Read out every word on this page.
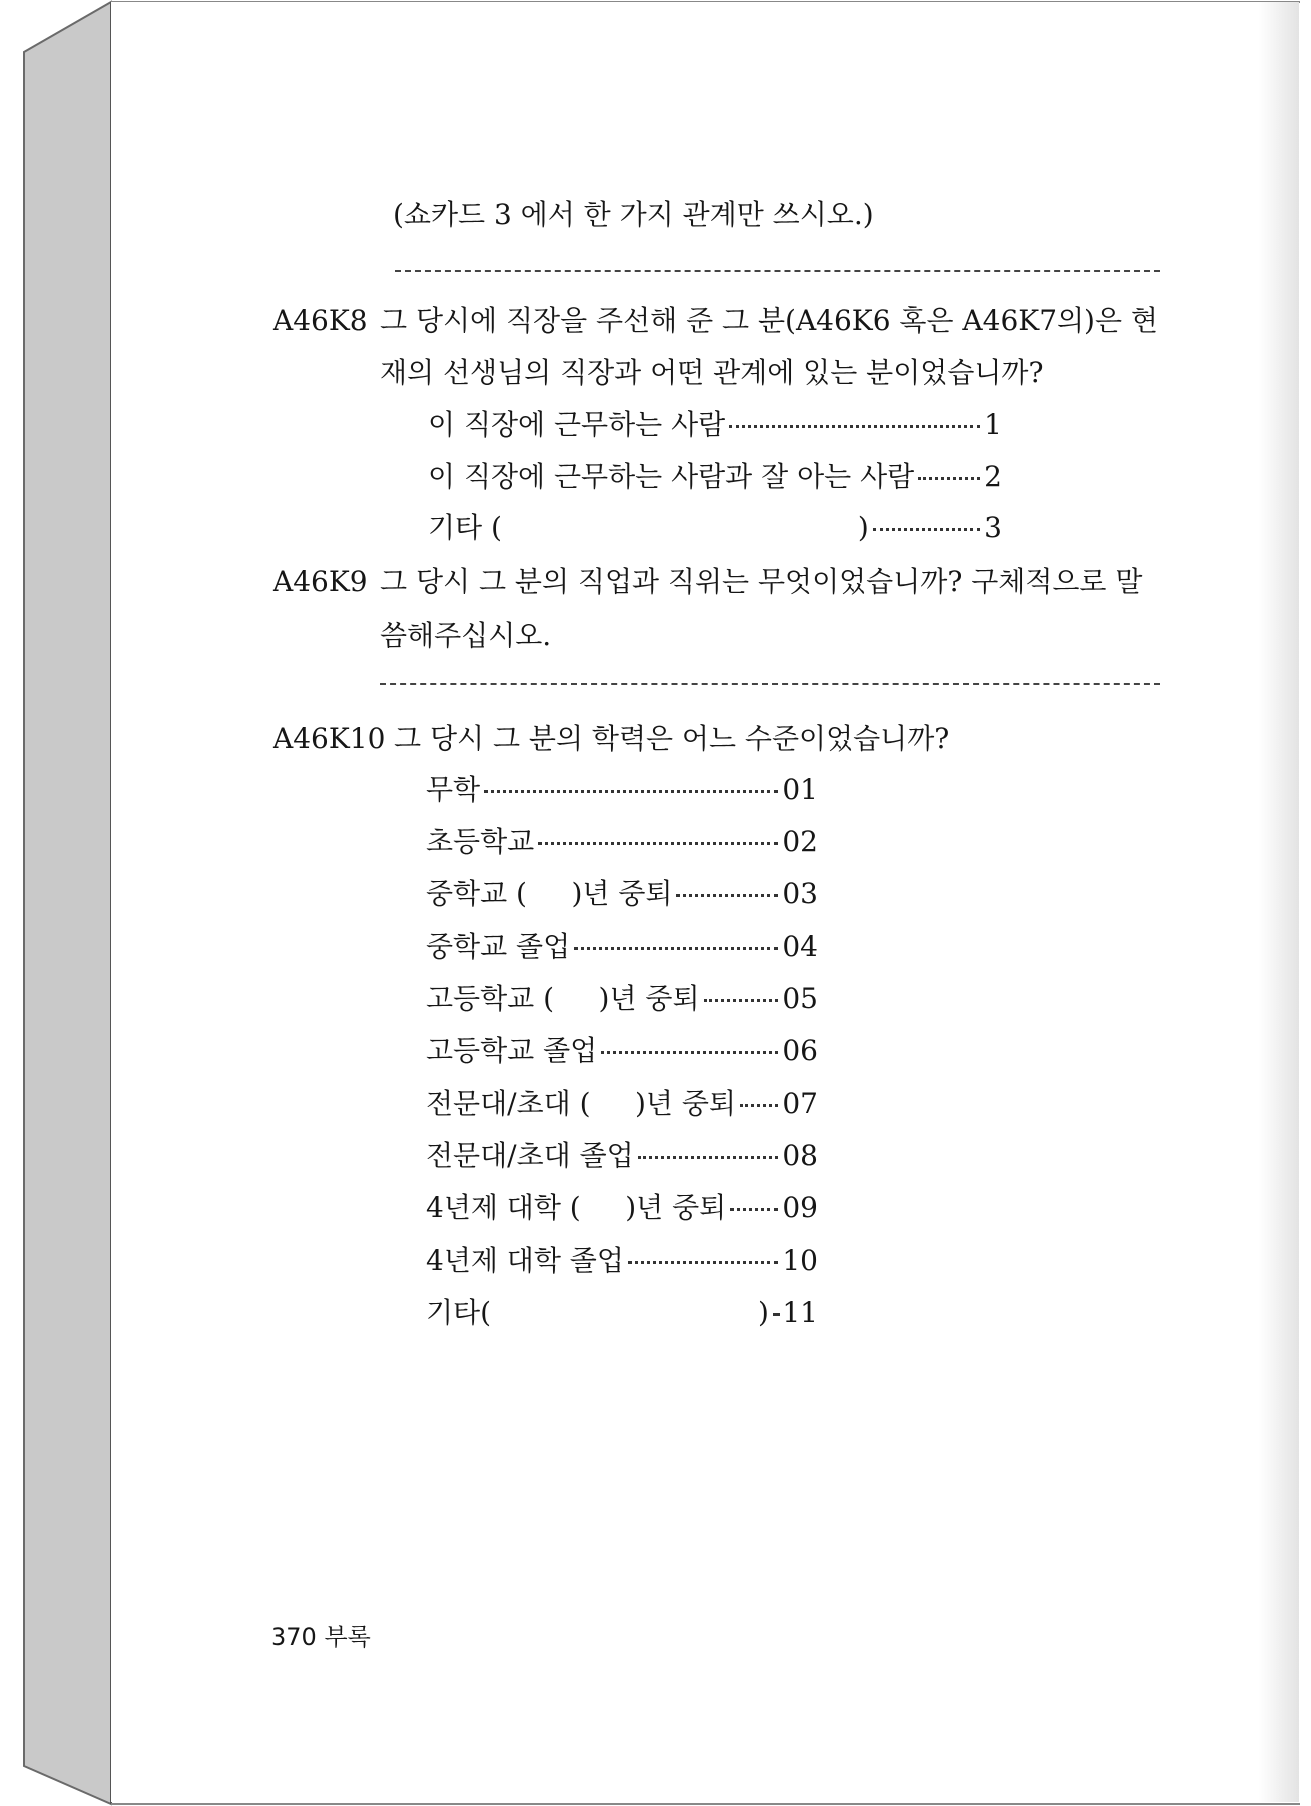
(쇼카드 3 에서 한 가지 관계만 쓰시오.)
A46K8 그 당시에 직장을 주선해 준 그 분(A46K6 혹은 A46K7의)은 현
재의 선생님의 직장과 어떤 관계에 있는 분이었습니까?
이 직장에 근무하는 사람	1
이 직장에 근무하는 사람과 잘 아는 사람 2
기타 (                                        )	3
A46K9 그 당시 그 분의 직업과 직위는 무엇이었습니까? 구체적으로 말
씀해주십시오.
A46K10 그 당시 그 분의 학력은 어느 수준이었습니까?
무학	01
초등학교	02
중학교 (     )년 중퇴	03
중학교 졸업	04
고등학교 (     )년 중퇴	05
고등학교 졸업	06
전문대/초대 (     )년 중퇴 07
전문대/초대 졸업	08
4년제 대학 (     )년 중퇴 09
4년제 대학 졸업	10
기타(                              ) 11
370 부록
